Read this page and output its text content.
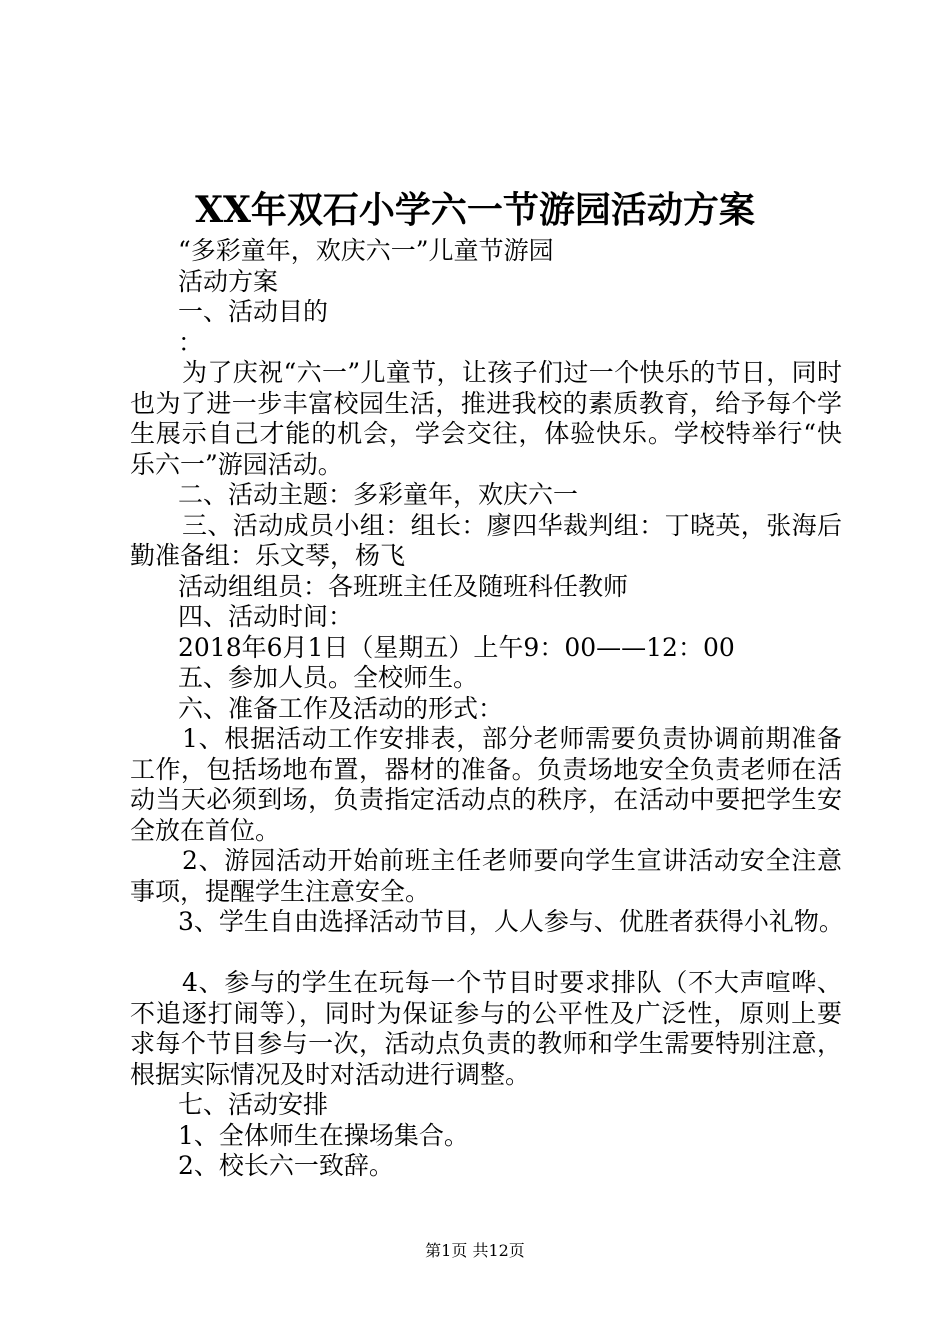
XX年双石小学六一节游园活动方案
“多彩童年，欢庆六一”儿童节游园
活动方案
一、活动目的
：
为了庆祝“六一”儿童节，让孩子们过一个快乐的节日，同时也为了进一步丰富校园生活，推进我校的素质教育，给予每个学生展示自己才能的机会，学会交往，体验快乐。学校特举行“快乐六一”游园活动。
二、活动主题：多彩童年，欢庆六一
三、活动成员小组：组长：廖四华裁判组：丁晓英，张海后勤准备组：乐文琴，杨飞
活动组组员：各班班主任及随班科任教师
四、活动时间：
2018年6月1日（星期五）上午9：00——12：00
五、参加人员。全校师生。
六、准备工作及活动的形式：
1、根据活动工作安排表，部分老师需要负责协调前期准备工作，包括场地布置，器材的准备。负责场地安全负责老师在活动当天必须到场，负责指定活动点的秩序，在活动中要把学生安全放在首位。
2、游园活动开始前班主任老师要向学生宣讲活动安全注意事项，提醒学生注意安全。
3、学生自由选择活动节目，人人参与、优胜者获得小礼物。
4、参与的学生在玩每一个节目时要求排队（不大声喧哗、不追逐打闹等），同时为保证参与的公平性及广泛性，原则上要求每个节目参与一次，活动点负责的教师和学生需要特别注意，根据实际情况及时对活动进行调整。
七、活动安排
1、全体师生在操场集合。
2、校长六一致辞。
第1页 共12页
